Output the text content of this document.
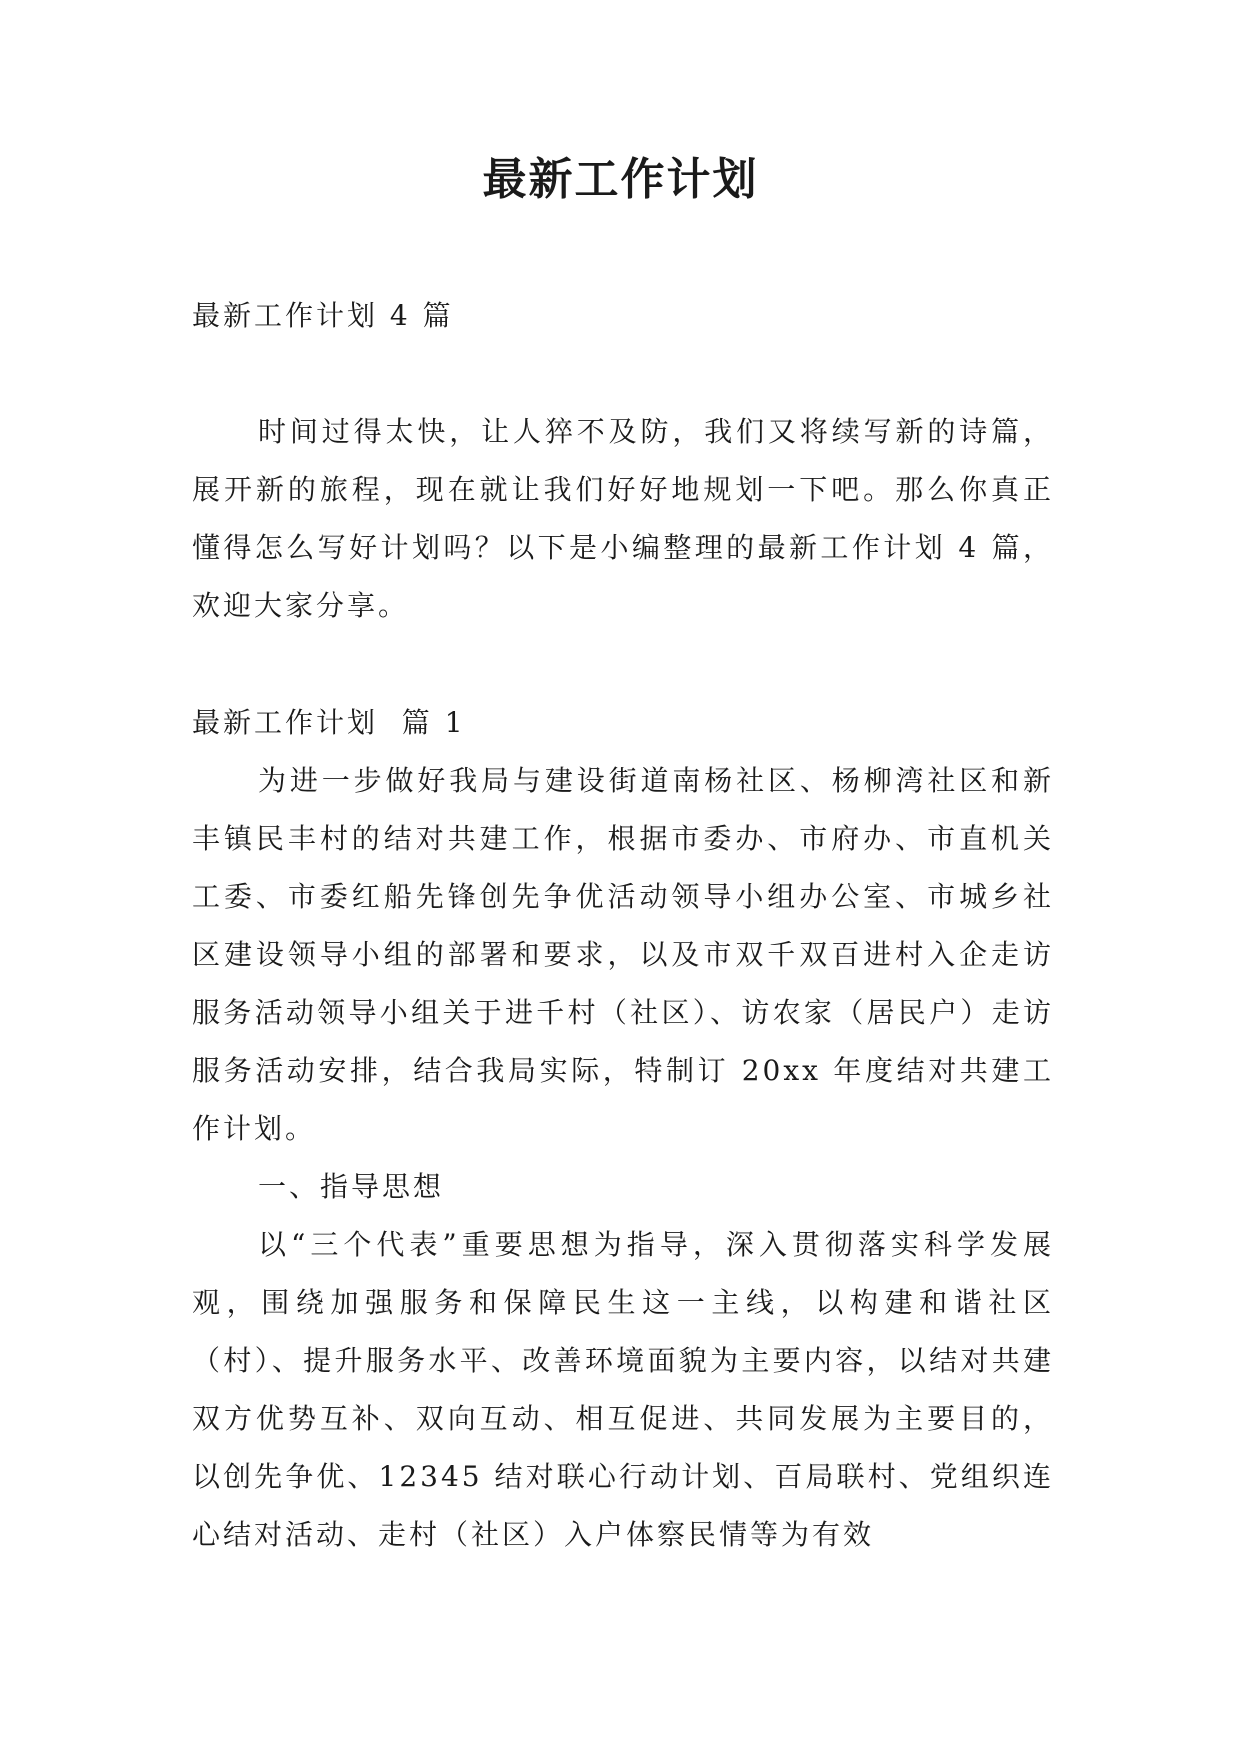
最新工作计划

最新工作计划 4 篇

时间过得太快，让人猝不及防，我们又将续写新的诗篇，展开新的旅程，现在就让我们好好地规划一下吧。那么你真正懂得怎么写好计划吗？以下是小编整理的最新工作计划 4 篇，欢迎大家分享。

最新工作计划  篇 1

为进一步做好我局与建设街道南杨社区、杨柳湾社区和新丰镇民丰村的结对共建工作，根据市委办、市府办、市直机关工委、市委红船先锋创先争优活动领导小组办公室、市城乡社区建设领导小组的部署和要求，以及市双千双百进村入企走访服务活动领导小组关于进千村（社区）、访农家（居民户）走访服务活动安排，结合我局实际，特制订 20xx 年度结对共建工作计划。

一、指导思想

以“三个代表”重要思想为指导，深入贯彻落实科学发展观，围绕加强服务和保障民生这一主线，以构建和谐社区（村）、提升服务水平、改善环境面貌为主要内容，以结对共建双方优势互补、双向互动、相互促进、共同发展为主要目的，以创先争优、12345 结对联心行动计划、百局联村、党组织连心结对活动、走村（社区）入户体察民情等为有效
